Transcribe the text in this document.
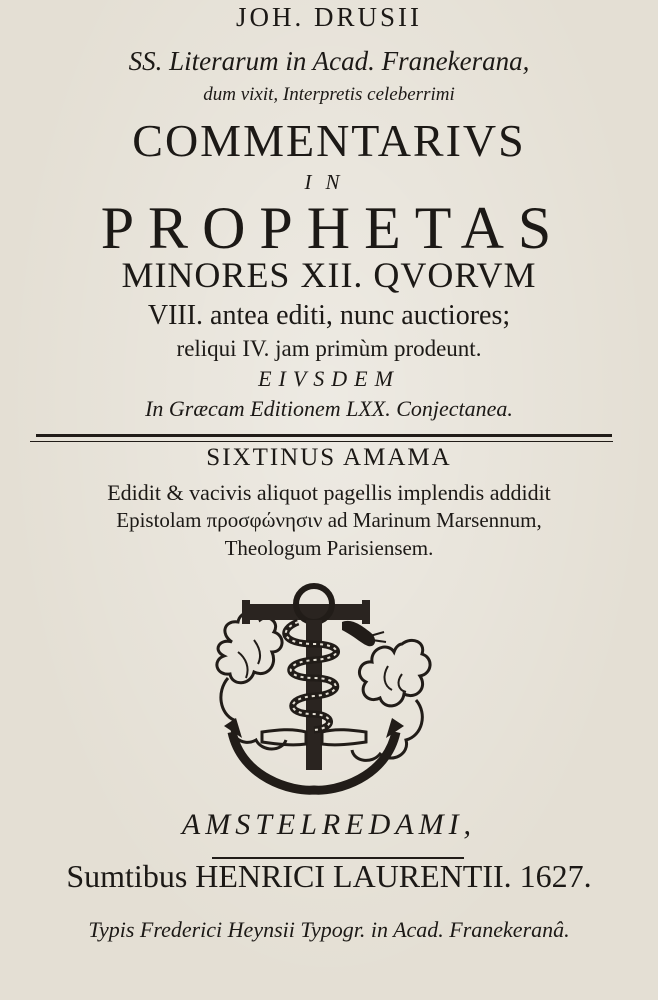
JOH. DRUSII
SS. Literarum in Acad. Franekerana,
dum vixit, Interpretis celeberrimi
COMMENTARIVS
IN
PROPHETAS
MINORES XII. QVORVM
VIII. antea editi, nunc auctiores;
reliqui IV. jam primùm prodeunt.
EIVSDEM
In Græcam Editionem LXX. Conjectanea.
SIXTINUS AMAMA
Edidit & vacivis aliquot pagellis implendis addidit
Epistolam προσφώνησιν ad Marinum Marsennum,
Theologum Parisiensem.
AMSTELREDAMI,
Sumtibus HENRICI LAURENTII. 1627.
Typis Frederici Heynsii Typogr. in Acad. Franekeranâ.
